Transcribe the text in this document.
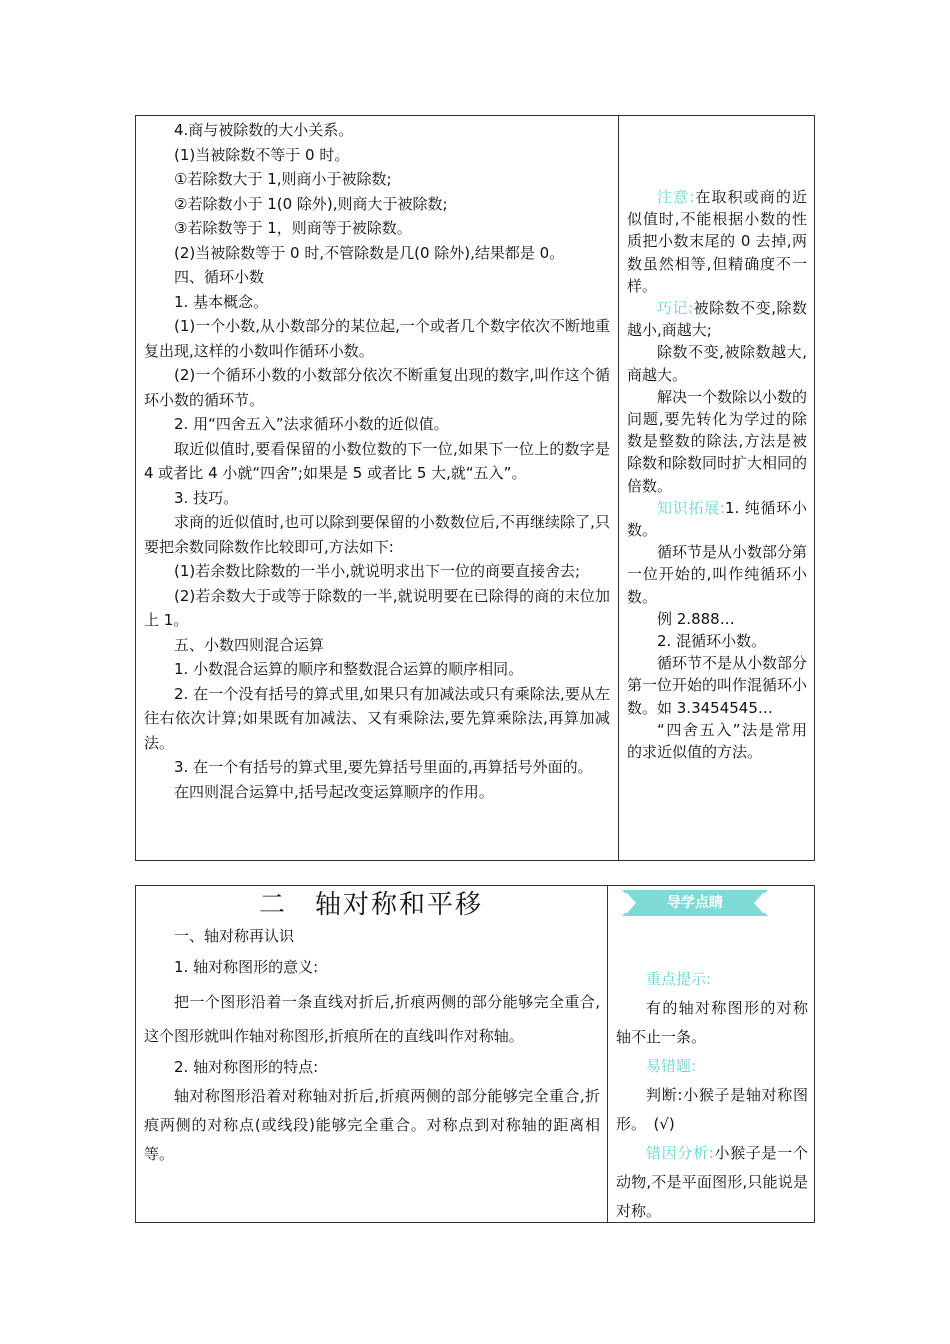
4.商与被除数的大小关系。

(1)当被除数不等于 0 时。

①若除数大于 1,则商小于被除数;

②若除数小于 1(0 除外),则商大于被除数;

③若除数等于 1，则商等于被除数。

(2)当被除数等于 0 时,不管除数是几(0 除外),结果都是 0。

四、循环小数

1. 基本概念。

(1)一个小数,从小数部分的某位起,一个或者几个数字依次不断地重复出现,这样的小数叫作循环小数。

(2)一个循环小数的小数部分依次不断重复出现的数字,叫作这个循环小数的循环节。

2. 用“四舍五入”法求循环小数的近似值。

取近似值时,要看保留的小数位数的下一位,如果下一位上的数字是 4 或者比 4 小就“四舍”;如果是 5 或者比 5 大,就“五入”。

3. 技巧。

求商的近似值时,也可以除到要保留的小数数位后,不再继续除了,只要把余数同除数作比较即可,方法如下:

(1)若余数比除数的一半小,就说明求出下一位的商要直接舍去;

(2)若余数大于或等于除数的一半,就说明要在已除得的商的末位加上 1。

五、小数四则混合运算

1. 小数混合运算的顺序和整数混合运算的顺序相同。

2. 在一个没有括号的算式里,如果只有加减法或只有乘除法,要从左往右依次计算;如果既有加减法、又有乘除法,要先算乘除法,再算加减法。

3. 在一个有括号的算式里,要先算括号里面的,再算括号外面的。

在四则混合运算中,括号起改变运算顺序的作用。

注意:在取积或商的近似值时,不能根据小数的性质把小数末尾的 0 去掉,两数虽然相等,但精确度不一样。

巧记:被除数不变,除数越小,商越大;

除数不变,被除数越大,商越大。

解决一个数除以小数的问题,要先转化为学过的除数是整数的除法,方法是被除数和除数同时扩大相同的倍数。

知识拓展:1. 纯循环小数。

循环节是从小数部分第一位开始的,叫作纯循环小数。

例 2.888…

2. 混循环小数。

循环节不是从小数部分第一位开始的叫作混循环小数。如 3.3454545…

“四舍五入”法是常用的求近似值的方法。

二　轴对称和平移

一、轴对称再认识

1. 轴对称图形的意义:

把一个图形沿着一条直线对折后,折痕两侧的部分能够完全重合,这个图形就叫作轴对称图形,折痕所在的直线叫作对称轴。

2. 轴对称图形的特点:

轴对称图形沿着对称轴对折后,折痕两侧的部分能够完全重合,折痕两侧的对称点(或线段)能够完全重合。对称点到对称轴的距离相等。

导学点睛

重点提示:

有的轴对称图形的对称轴不止一条。

易错题:

判断:小猴子是轴对称图形。　(√)

错因分析:小猴子是一个动物,不是平面图形,只能说是对称。
